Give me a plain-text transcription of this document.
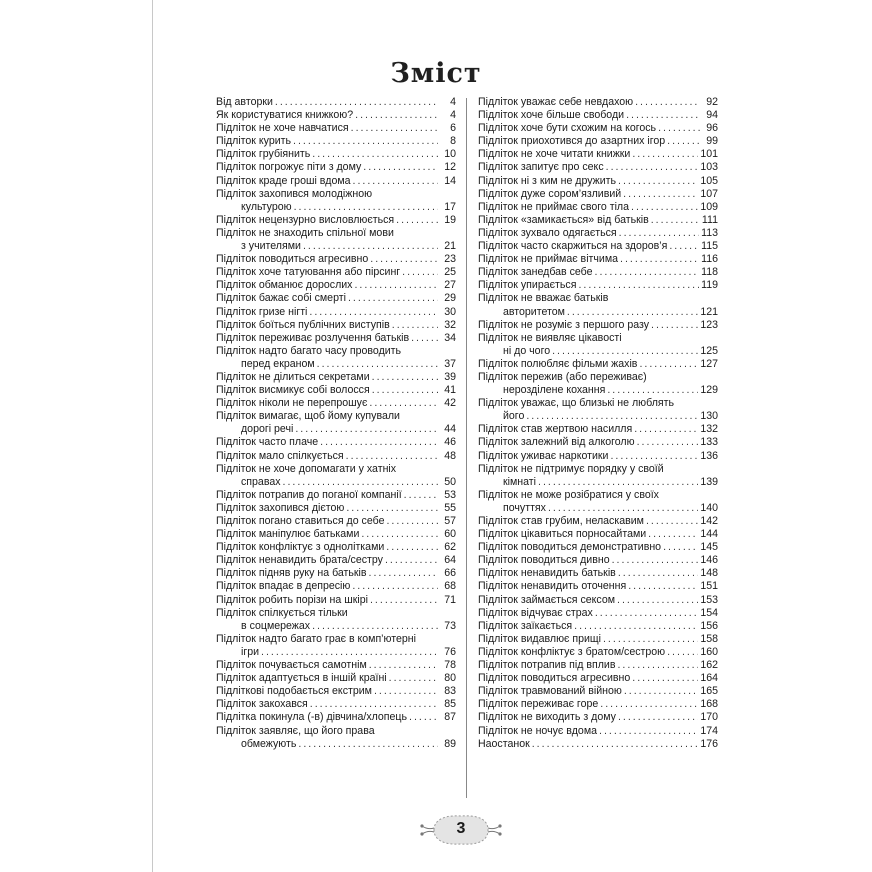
Зміст
Від авторки .....	4
Як користуватися книжкою? .....	4
Підліток не хоче навчатися .....	6
Підліток курить .....	8
Підліток грубіянить .....	10
Підліток погрожує піти з дому .....	12
Підліток краде гроші вдома .....	14
Підліток захопився молодіжною
культурою .....	17
Підліток нецензурно висловлюється .....	19
Підліток не знаходить спільної мови
з учителями .....	21
Підліток поводиться агресивно .....	23
Підліток хоче татуювання або пірсинг .....	25
Підліток обманює дорослих .....	27
Підліток бажає собі смерті .....	29
Підліток гризе нігті .....	30
Підліток боїться публічних виступів .....	32
Підліток переживає розлучення батьків .....	34
Підліток надто багато часу проводить
перед екраном .....	37
Підліток не ділиться секретами .....	39
Підліток висмикує собі волосся .....	41
Підліток ніколи не перепрошує .....	42
Підліток вимагає, щоб йому купували
дорогі речі .....	44
Підліток часто плаче .....	46
Підліток мало спілкується .....	48
Підліток не хоче допомагати у хатніх
справах .....	50
Підліток потрапив до поганої компанії .....	53
Підліток захопився дієтою .....	55
Підліток погано ставиться до себе .....	57
Підліток маніпулює батьками .....	60
Підліток конфліктує з однолітками .....	62
Підліток ненавидить брата/сестру .....	64
Підліток підняв руку на батьків .....	66
Підліток впадає в депресію .....	68
Підліток робить порізи на шкірі .....	71
Підліток спілкується тільки
в соцмережах .....	73
Підліток надто багато грає в комп’ютерні
ігри .....	76
Підліток почувається самотнім .....	78
Підліток адаптується в іншій країні .....	80
Підліткові подобається екстрим .....	83
Підліток закохався .....	85
Підлітка покинула (-в) дівчина/хлопець .....	87
Підліток заявляє, що його права
обмежують .....	89
Підліток уважає себе невдахою .....	92
Підліток хоче більше свободи .....	94
Підліток хоче бути схожим на когось .....	96
Підліток приохотився до азартних ігор .....	99
Підліток не хоче читати книжки .....	101
Підліток запитує про секс .....	103
Підліток ні з ким не дружить .....	105
Підліток дуже сором’язливий .....	107
Підліток не приймає свого тіла .....	109
Підліток «замикається» від батьків .....	111
Підліток зухвало одягається .....	113
Підліток часто скаржиться на здоров’я .....	115
Підліток не приймає вітчима .....	116
Підліток занедбав себе .....	118
Підліток упирається .....	119
Підліток не вважає батьків
авторитетом .....	121
Підліток не розуміє з першого разу .....	123
Підліток не виявляє цікавості
ні до чого .....	125
Підліток полюбляє фільми жахів .....	127
Підліток пережив (або переживає)
нерозділене кохання .....	129
Підліток уважає, що близькі не люблять
його .....	130
Підліток став жертвою насилля .....	132
Підліток залежний від алкоголю .....	133
Підліток уживає наркотики .....	136
Підліток не підтримує порядку у своїй
кімнаті .....	139
Підліток не може розібратися у своїх
почуттях .....	140
Підліток став грубим, нелаcкавим .....	142
Підліток цікавиться порносайтами .....	144
Підліток поводиться демонстративно .....	145
Підліток поводиться дивно .....	146
Підліток ненавидить батьків .....	148
Підліток ненавидить оточення .....	151
Підліток займається сексом .....	153
Підліток відчуває страх .....	154
Підліток заїкається .....	156
Підліток видавлює прищі .....	158
Підліток конфліктує з братом/сестрою .....	160
Підліток потрапив під вплив .....	162
Підліток поводиться агресивно .....	164
Підліток травмований війною .....	165
Підліток переживає горе .....	168
Підліток не виходить з дому .....	170
Підліток не ночує вдома .....	174
Наостанок .....	176
3
